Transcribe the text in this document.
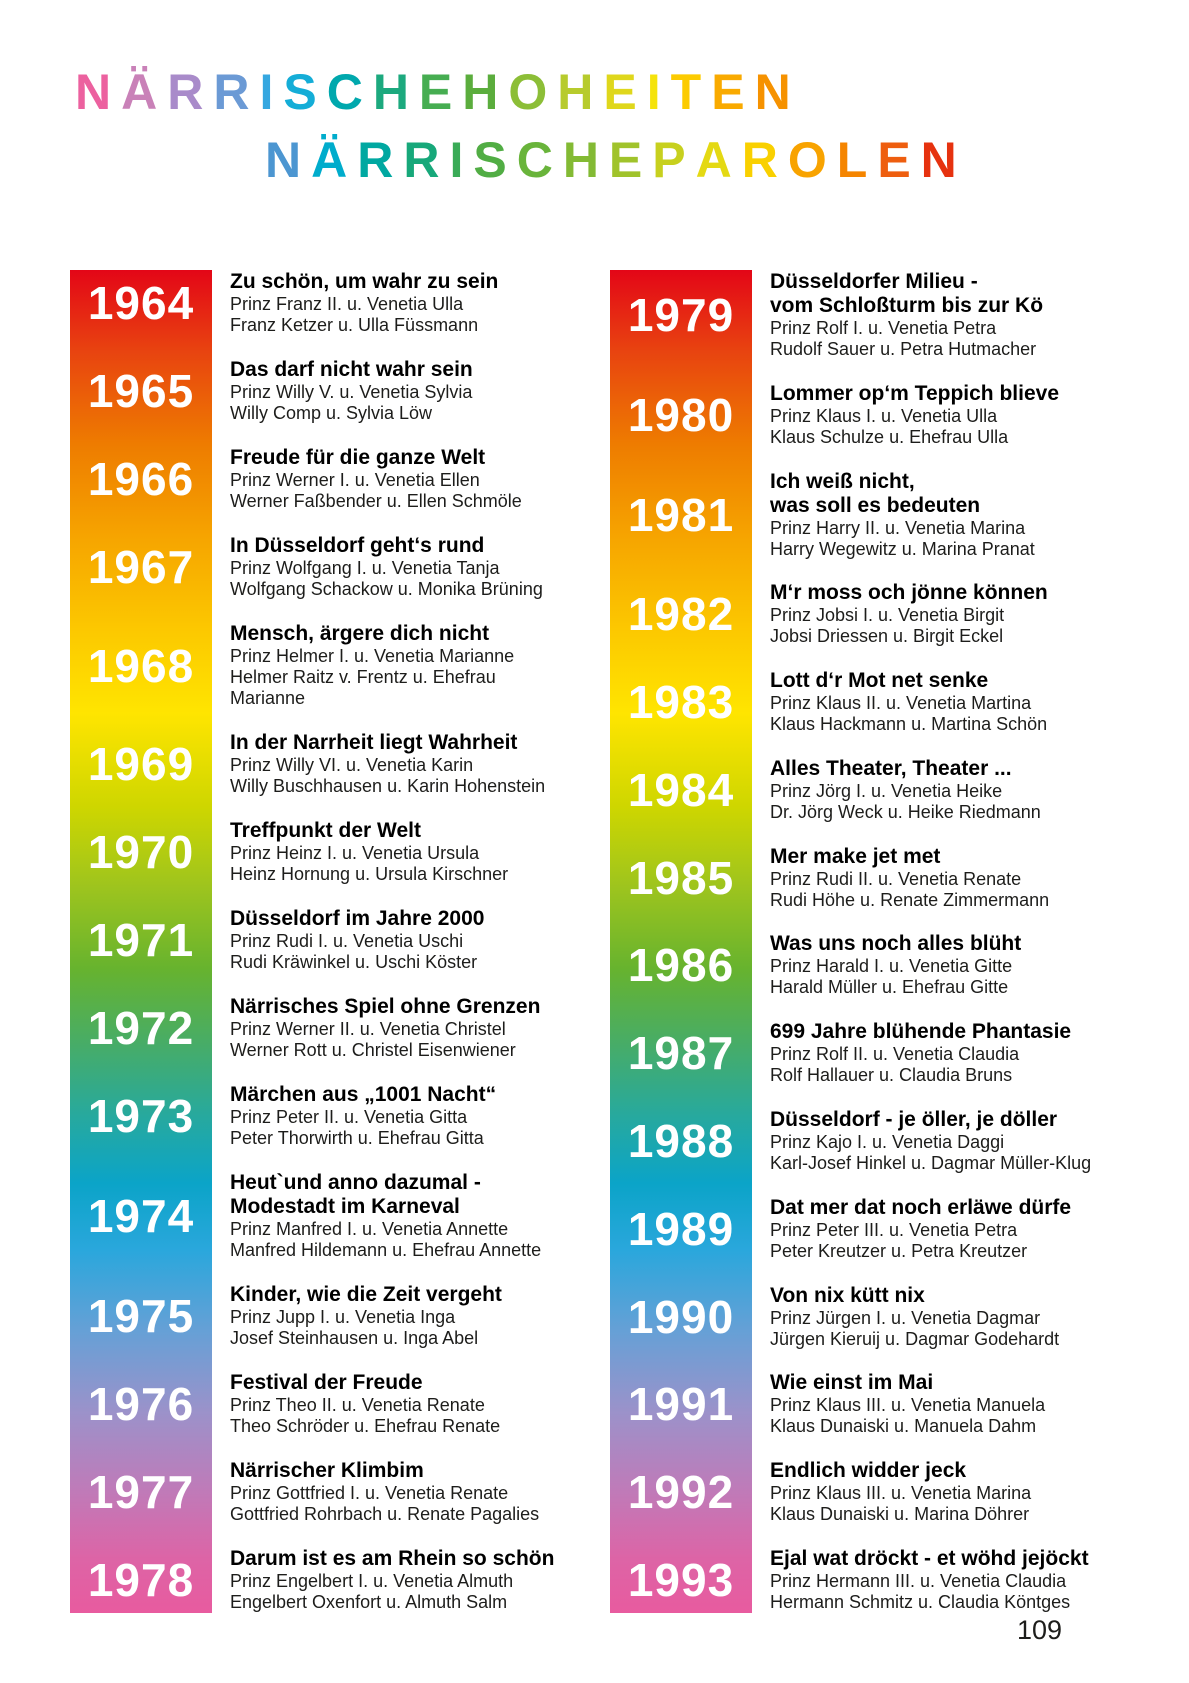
NÄRRISCHEHOHEITEN
NÄRRISCHEPAROLEN
1964	Zu schön, um wahr zu sein
Prinz Franz II. u. Venetia Ulla
Franz Ketzer u. Ulla Füssmann
1965	Das darf nicht wahr sein
Prinz Willy V. u. Venetia Sylvia
Willy Comp u. Sylvia Löw
1966	Freude für die ganze Welt
Prinz Werner I. u. Venetia Ellen
Werner Faßbender u. Ellen Schmöle
1967	In Düsseldorf geht‘s rund
Prinz Wolfgang I. u. Venetia Tanja
Wolfgang Schackow u. Monika Brüning
1968
Mensch, ärgere dich nicht
Prinz Helmer I. u. Venetia Marianne
Helmer Raitz v. Frentz u. Ehefrau Marianne
1969	In der Narrheit liegt Wahrheit
Prinz Willy VI. u. Venetia Karin
Willy Buschhausen u. Karin Hohenstein
1970	Treffpunkt der Welt
Prinz Heinz I. u. Venetia Ursula
Heinz Hornung u. Ursula Kirschner
1971	Düsseldorf im Jahre 2000
Prinz Rudi I. u. Venetia Uschi
Rudi Kräwinkel u. Uschi Köster
1972	Närrisches Spiel ohne Grenzen
Prinz Werner II. u. Venetia Christel
Werner Rott u. Christel Eisenwiener
1973	Märchen aus „1001 Nacht“
Prinz Peter II. u. Venetia Gitta
Peter Thorwirth u. Ehefrau Gitta
1974
Heut`und anno dazumal -
Modestadt im Karneval
Prinz Manfred I. u. Venetia Annette
Manfred Hildemann u. Ehefrau Annette
1975	Kinder, wie die Zeit vergeht
Prinz Jupp I. u. Venetia Inga
Josef Steinhausen u. Inga Abel
1976	Festival der Freude
Prinz Theo II. u. Venetia Renate
Theo Schröder u. Ehefrau Renate
1977	Närrischer Klimbim
Prinz Gottfried I. u. Venetia Renate
Gottfried Rohrbach u. Renate Pagalies
1978	Darum ist es am Rhein so schön
Prinz Engelbert I. u. Venetia Almuth
Engelbert Oxenfort u. Almuth Salm
1979
Düsseldorfer Milieu -
vom Schloßturm bis zur Kö
Prinz Rolf I. u. Venetia Petra
Rudolf Sauer u. Petra Hutmacher
1980	Lommer op‘m Teppich blieve
Prinz Klaus I. u. Venetia Ulla
Klaus Schulze u. Ehefrau Ulla
1981
Ich weiß nicht,
was soll es bedeuten
Prinz Harry II. u. Venetia Marina
Harry Wegewitz u. Marina Pranat
1982	M‘r moss och jönne können
Prinz Jobsi I. u. Venetia Birgit
Jobsi Driessen u. Birgit Eckel
1983	Lott d‘r Mot net senke
Prinz Klaus II. u. Venetia Martina
Klaus Hackmann u. Martina Schön
1984	Alles Theater, Theater ...
Prinz Jörg I. u. Venetia Heike
Dr. Jörg Weck u. Heike Riedmann
1985	Mer make jet met
Prinz Rudi II. u. Venetia Renate
Rudi Höhe u. Renate Zimmermann
1986	Was uns noch alles blüht
Prinz Harald I. u. Venetia Gitte
Harald Müller u. Ehefrau Gitte
1987	699 Jahre blühende Phantasie
Prinz Rolf II. u. Venetia Claudia
Rolf Hallauer u. Claudia Bruns
1988	Düsseldorf - je öller, je döller
Prinz Kajo I. u. Venetia Daggi
Karl-Josef Hinkel u. Dagmar Müller-Klug
1989	Dat mer dat noch erläwe dürfe
Prinz Peter III. u. Venetia Petra
Peter Kreutzer u. Petra Kreutzer
1990	Von nix kütt nix
Prinz Jürgen I. u. Venetia Dagmar
Jürgen Kieruij u. Dagmar Godehardt
1991	Wie einst im Mai
Prinz Klaus III. u. Venetia Manuela
Klaus Dunaiski u. Manuela Dahm
1992	Endlich widder jeck
Prinz Klaus III. u. Venetia Marina
Klaus Dunaiski u. Marina Döhrer
1993	Ejal wat dröckt - et wöhd jejöckt
Prinz Hermann III. u. Venetia Claudia
Hermann Schmitz u. Claudia Köntges
109
